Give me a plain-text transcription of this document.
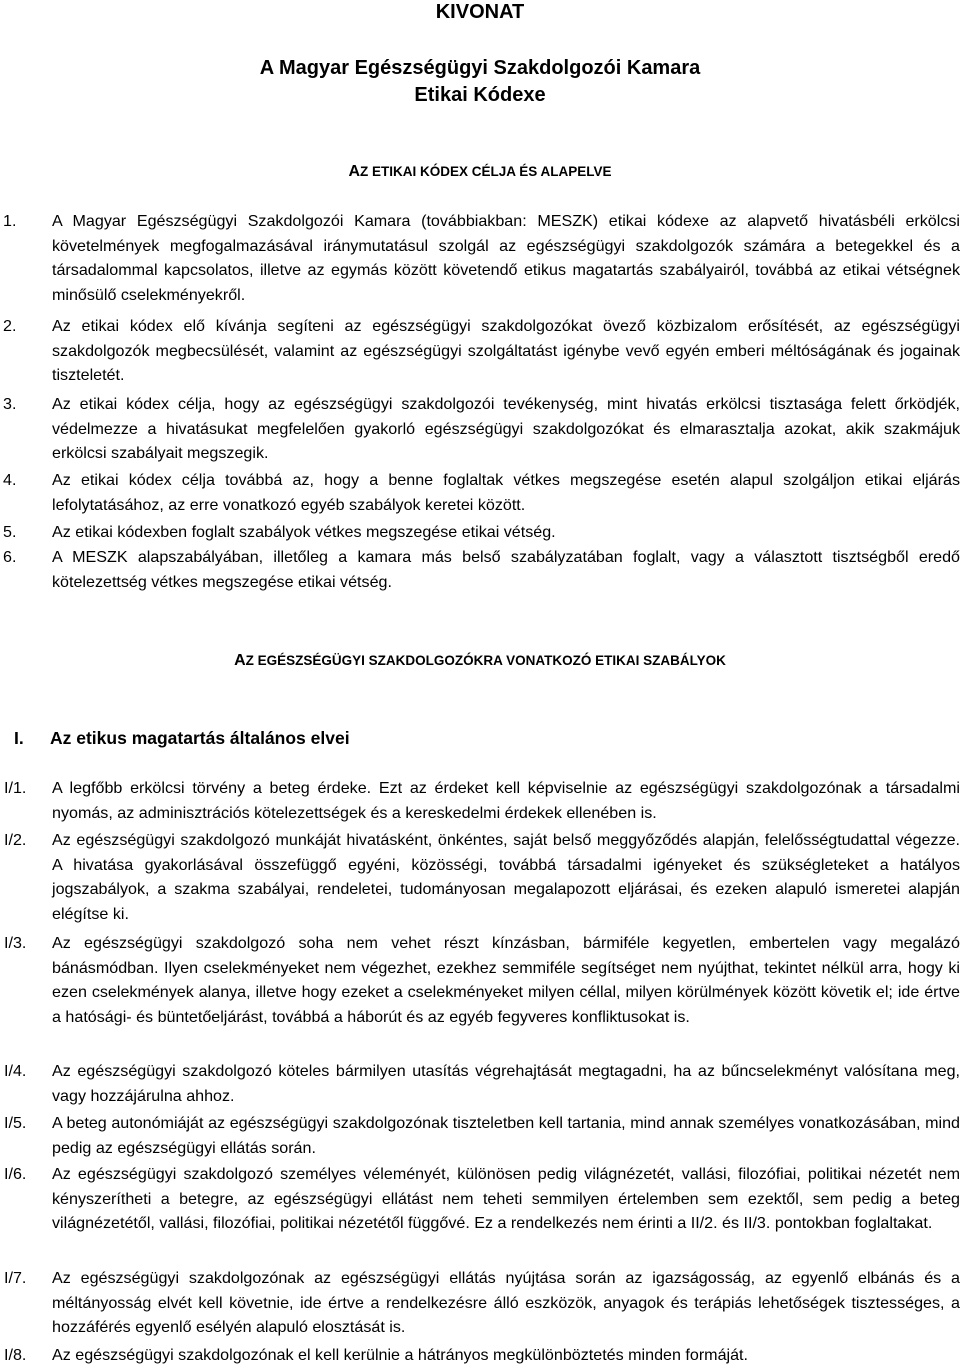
KIVONAT
A Magyar Egészségügyi Szakdolgozói Kamara
Etikai Kódexe
AZ ETIKAI KÓDEX CÉLJA ÉS ALAPELVE
1. A Magyar Egészségügyi Szakdolgozói Kamara (továbbiakban: MESZK) etikai kódexe az alapvető hivatásbéli erkölcsi követelmények megfogalmazásával iránymutatásul szolgál az egészségügyi szakdolgozók számára a betegekkel és a társadalommal kapcsolatos, illetve az egymás között követendő etikus magatartás szabályairól, továbbá az etikai vétségnek minősülő cselekményekről.
2. Az etikai kódex elő kívánja segíteni az egészségügyi szakdolgozókat övező közbizalom erősítését, az egészségügyi szakdolgozók megbecsülését, valamint az egészségügyi szolgáltatást igénybe vevő egyén emberi méltóságának és jogainak tiszteletét.
3. Az etikai kódex célja, hogy az egészségügyi szakdolgozói tevékenység, mint hivatás erkölcsi tisztasága felett őrködjék, védelmezze a hivatásukat megfelelően gyakorló egészségügyi szakdolgozókat és elmarasztalja azokat, akik szakmájuk erkölcsi szabályait megszegik.
4. Az etikai kódex célja továbbá az, hogy a benne foglaltak vétkes megszegése esetén alapul szolgáljon etikai eljárás lefolytatásához, az erre vonatkozó egyéb szabályok keretei között.
5. Az etikai kódexben foglalt szabályok vétkes megszegése etikai vétség.
6. A MESZK alapszabályában, illetőleg a kamara más belső szabályzatában foglalt, vagy a választott tisztségből eredő kötelezettség vétkes megszegése etikai vétség.
AZ EGÉSZSÉGÜGYI SZAKDOLGOZÓKRA VONATKOZÓ ETIKAI SZABÁLYOK
I. Az etikus magatartás általános elvei
I/1. A legfőbb erkölcsi törvény a beteg érdeke. Ezt az érdeket kell képviselnie az egészségügyi szakdolgozónak a társadalmi nyomás, az adminisztrációs kötelezettségek és a kereskedelmi érdekek ellenében is.
I/2. Az egészségügyi szakdolgozó munkáját hivatásként, önkéntes, saját belső meggyőződés alapján, felelősségtudattal végezze. A hivatása gyakorlásával összefüggő egyéni, közösségi, továbbá társadalmi igényeket és szükségleteket a hatályos jogszabályok, a szakma szabályai, rendeletei, tudományosan megalapozott eljárásai, és ezeken alapuló ismeretei alapján elégítse ki.
I/3. Az egészségügyi szakdolgozó soha nem vehet részt kínzásban, bármiféle kegyetlen, embertelen vagy megalázó bánásmódban. Ilyen cselekményeket nem végezhet, ezekhez semmiféle segítséget nem nyújthat, tekintet nélkül arra, hogy ki ezen cselekmények alanya, illetve hogy ezeket a cselekményeket milyen céllal, milyen körülmények között követik el; ide értve a hatósági- és büntetőeljárást, továbbá a háborút és az egyéb fegyveres konfliktusokat is.
I/4. Az egészségügyi szakdolgozó köteles bármilyen utasítás végrehajtását megtagadni, ha az bűncselekményt valósítana meg, vagy hozzájárulna ahhoz.
I/5. A beteg autonómiáját az egészségügyi szakdolgozónak tiszteletben kell tartania, mind annak személyes vonatkozásában, mind pedig az egészségügyi ellátás során.
I/6. Az egészségügyi szakdolgozó személyes véleményét, különösen pedig világnézetét, vallási, filozófiai, politikai nézetét nem kényszerítheti a betegre, az egészségügyi ellátást nem teheti semmilyen értelemben sem ezektől, sem pedig a beteg világnézetétől, vallási, filozófiai, politikai nézetétől függővé. Ez a rendelkezés nem érinti a II/2. és II/3. pontokban foglaltakat.
I/7. Az egészségügyi szakdolgozónak az egészségügyi ellátás nyújtása során az igazságosság, az egyenlő elbánás és a méltányosság elvét kell követnie, ide értve a rendelkezésre álló eszközök, anyagok és terápiás lehetőségek tisztességes, a hozzáférés egyenlő esélyén alapuló elosztását is.
I/8. Az egészségügyi szakdolgozónak el kell kerülnie a hátrányos megkülönböztetés minden formáját.
